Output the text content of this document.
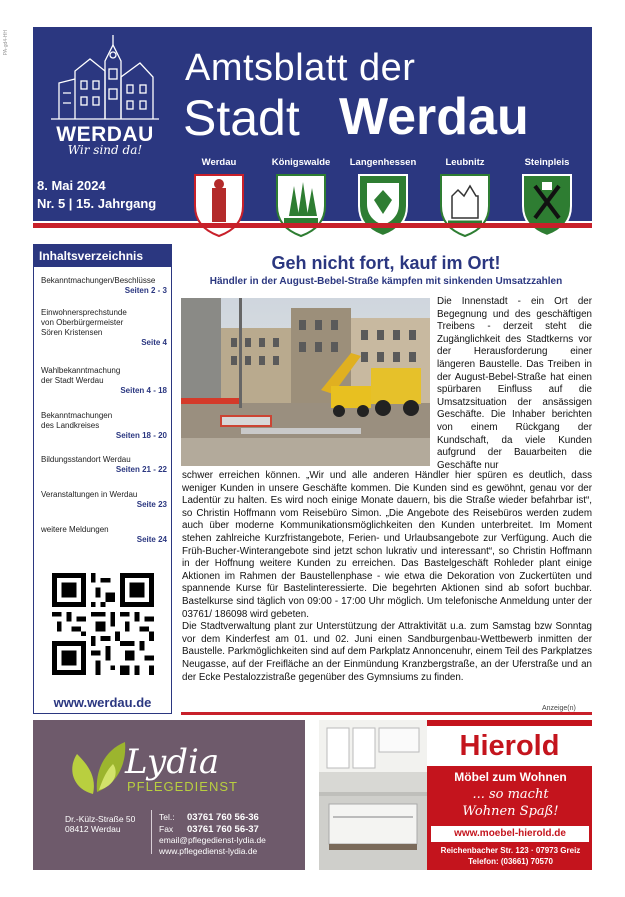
PA-gd4-HH
WERDAU
Wir sind da!
Amtsblatt der
Stadt Werdau
8. Mai 2024
Nr. 5 | 15. Jahrgang
Werdau	Königswalde	Langenhessen	Leubnitz	Steinpleis
Inhaltsverzeichnis
Bekanntmachungen/Beschlüsse
Seiten 2 - 3
Einwohnersprechstunde
von Oberbürgermeister
Sören Kristensen
Seite 4
Wahlbekanntmachung
der Stadt Werdau
Seiten 4 - 18
Bekanntmachungen
des Landkreises
Seiten 18 - 20
Bildungsstandort Werdau
Seiten 21 - 22
Veranstaltungen in Werdau
Seite 23
weitere Meldungen
Seite 24
www.werdau.de
Geh nicht fort, kauf im Ort!
Händler in der August-Bebel-Straße kämpfen mit sinkenden Umsatzzahlen
Die Innenstadt - ein Ort der Begegnung und des geschäftigen Treibens - derzeit steht die Zugänglichkeit des Stadtkerns vor der Herausforderung einer längeren Baustelle. Das Treiben in der August-Bebel-Straße hat einen spürbaren Einfluss auf die Umsatzsituation der ansässigen Geschäfte. Die Inhaber berichten von einem Rückgang der Kundschaft, da viele Kunden aufgrund der Bauarbeiten die Geschäfte nur

schwer erreichen können. „Wir und alle anderen Händler hier spüren es deutlich, dass weniger Kunden in unsere Geschäfte kommen. Die Kunden sind es gewöhnt, genau vor der Ladentür zu halten. Es wird noch einige Monate dauern, bis die Straße wieder befahrbar ist“, so Christin Hoffmann vom Reisebüro Simon. „Die Angebote des Reisebüros werden zudem auch über moderne Kommunikationsmöglichkeiten den Kunden unterbreitet. Im Moment stehen zahlreiche Kurzfristangebote, Ferien- und Urlaubsangebote zur Verfügung. Auch die Früh-Bucher-Winterangebote sind jetzt schon lukrativ und interessant“, so Christin Hoffmann in der Hoffnung weitere Kunden zu erreichen. Das Bastelgeschäft Rohleder plant einige Aktionen im Rahmen der Baustellenphase - wie etwa die Dekoration von Zuckertüten und spannende Kurse für Bastelinteressierte. Die begehrten Aktionen sind ab sofort buchbar. Bastelkurse sind täglich von 09:00 - 17:00 Uhr möglich. Um telefonische Anmeldung unter der 03761/ 186098 wird gebeten.

Die Stadtverwaltung plant zur Unterstützung der Attraktivität u.a. zum Samstag bzw Sonntag vor dem Kinderfest am 01. und 02. Juni einen Sandburgenbau-Wettbewerb inmitten der Baustelle. Parkmöglichkeiten sind auf dem Parkplatz Annoncenuhr, einem Teil des Parkplatzes Neugasse, auf der Freifläche an der Einmündung Kranzbergstraße, an der Uferstraße und an der Ecke Pestalozzistraße gegenüber des Gymnsiums zu finden.

Anzeige(n)
Lydia
PFLEGEDIENST
Dr.-Külz-Straße 50
08412 Werdau
Tel.: 03761 760 56-36
Fax 03761 760 56-37
email@pflegedienst-lydia.de
www.pflegedienst-lydia.de
Hierold
Möbel zum Wohnen
... so macht
Wohnen Spaß!
www.moebel-hierold.de
Reichenbacher Str. 123 · 07973 Greiz
Telefon: (03661) 70570
